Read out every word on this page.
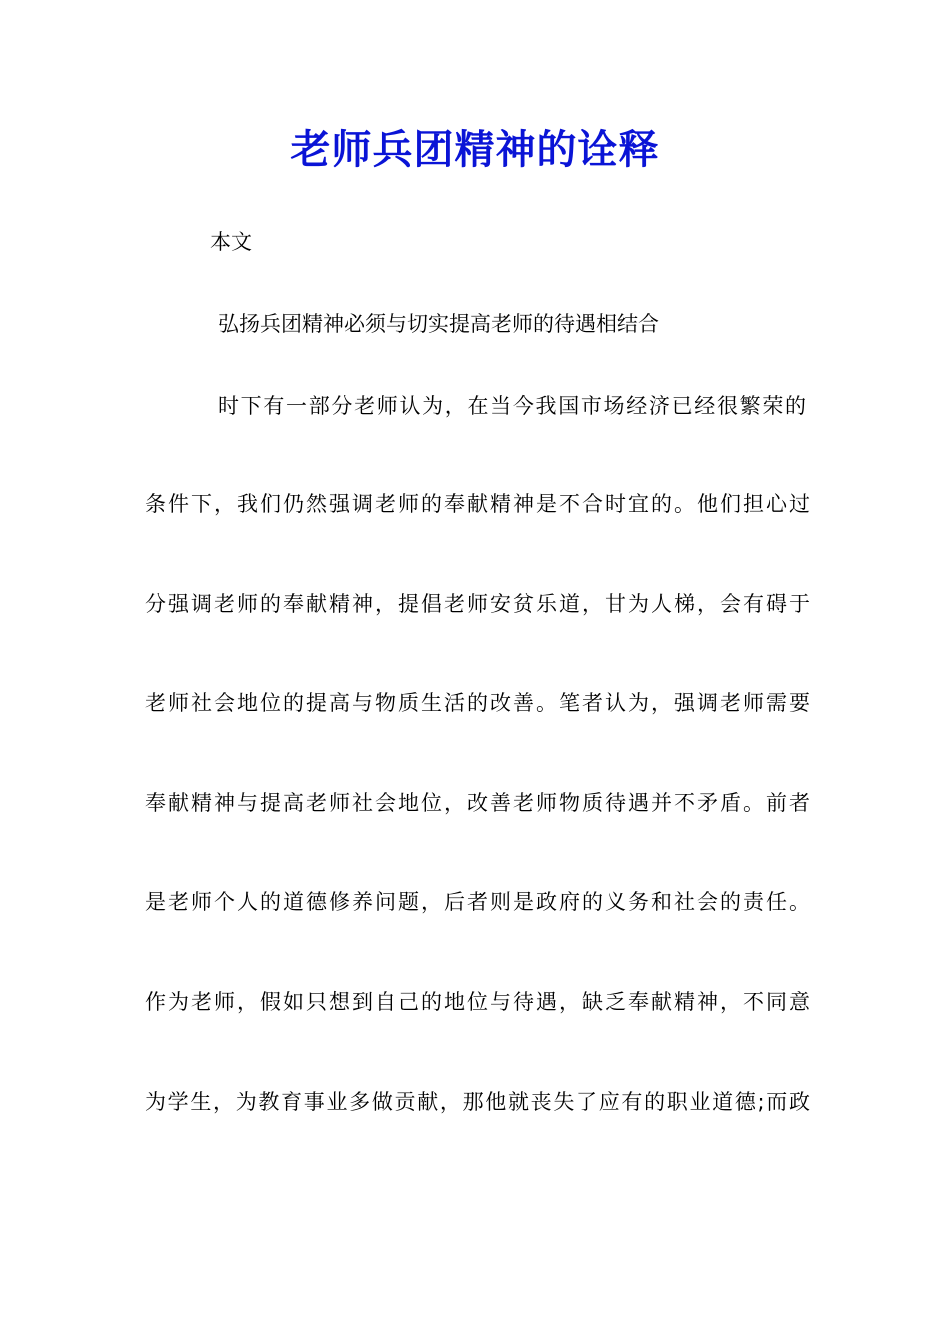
老师兵团精神的诠释

本文

弘扬兵团精神必须与切实提高老师的待遇相结合

时下有一部分老师认为，在当今我国市场经济已经很繁荣的

条件下，我们仍然强调老师的奉献精神是不合时宜的。他们担心过

分强调老师的奉献精神，提倡老师安贫乐道，甘为人梯，会有碍于

老师社会地位的提高与物质生活的改善。笔者认为，强调老师需要

奉献精神与提高老师社会地位，改善老师物质待遇并不矛盾。前者

是老师个人的道德修养问题，后者则是政府的义务和社会的责任。

作为老师，假如只想到自己的地位与待遇，缺乏奉献精神，不同意

为学生，为教育事业多做贡献，那他就丧失了应有的职业道德;而政
